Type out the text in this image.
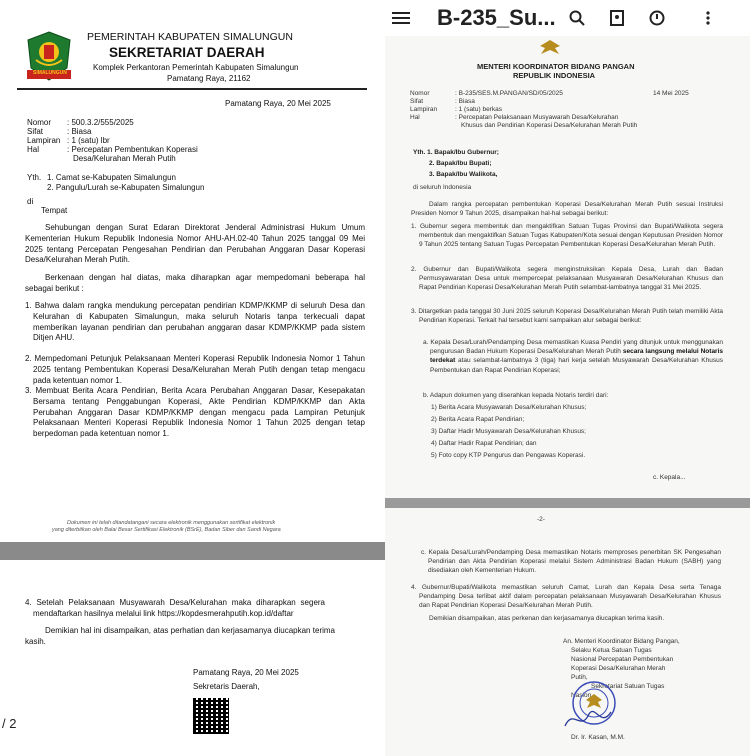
SIMALUNGUN
PEMERINTAH KABUPATEN SIMALUNGUN
SEKRETARIAT DAERAH
Komplek Perkantoran Pemerintah Kabupaten Simalungun
Pamatang Raya, 21162
Pamatang Raya, 20 Mei 2025
Nomor : 500.3.2/555/2025
Sifat	: Biasa
Lampiran : 1 (satu) lbr
Hal	: Percepatan Pembentukan Koperasi
Desa/Kelurahan Merah Putih
Yth. 1. Camat se-Kabupaten Simalungun
2. Pangulu/Lurah se-Kabupaten Simalungun
di
Tempat
Sehubungan dengan Surat Edaran Direktorat Jenderal Administrasi Hukum Umum Kementerian Hukum Republik Indonesia Nomor AHU-AH.02-40 Tahun 2025 tanggal 09 Mei 2025 tentang Percepatan Pengesahan Pendirian dan Perubahan Anggaran Dasar Koperasi Desa/Kelurahan Merah Putih.
Berkenaan dengan hal diatas, maka diharapkan agar mempedomani beberapa hal sebagai berikut :
1. Bahwa dalam rangka mendukung percepatan pendirian KDMP/KKMP di seluruh Desa dan Kelurahan di Kabupaten Simalungun, maka seluruh Notaris tanpa terkecuali dapat memberikan layanan pendirian dan perubahan anggaran dasar KDMP/KKMP pada sistem Ditjen AHU.
2. Mempedomani Petunjuk Pelaksanaan Menteri Koperasi Republik Indonesia Nomor 1 Tahun 2025 tentang Pembentukan Koperasi Desa/Kelurahan Merah Putih dengan tetap mengacu pada ketentuan nomor 1.
3. Membuat Berita Acara Pendirian, Berita Acara Perubahan Anggaran Dasar, Kesepakatan Bersama tentang Penggabungan Koperasi, Akte Pendirian KDMP/KKMP dan Akta Perubahan Anggaran Dasar KDMP/KKMP dengan mengacu pada Lampiran Petunjuk Pelaksanaan Menteri Koperasi Republik Indonesia Nomor 1 Tahun 2025 dengan tetap berpedoman pada ketentuan nomor 1.
Dokumen ini telah ditandatangani secara elektronik menggunakan sertifikat elektronik
yang diterbitkan oleh Balai Besar Sertifikasi Elektronik (BSrE), Badan Siber dan Sandi Negara
4. Setelah Pelaksanaan Musyawarah Desa/Kelurahan maka diharapkan segera mendaftarkan hasilnya melalui link https://kopdesmerahputih.kop.id/daftar
Demikian hal ini disampaikan, atas perhatian dan kerjasamanya diucapkan terima kasih.
Pamatang Raya, 20 Mei 2025
Sekretaris Daerah,
/ 2
B-235_Su...
MENTERI KOORDINATOR BIDANG PANGAN
REPUBLIK INDONESIA
Nomor	: B-235/SES.M.PANGAN/SD/05/2025	14 Mei 2025
Sifat	: Biasa
Lampiran	: 1 (satu) berkas
Hal	: Percepatan Pelaksanaan Musyawarah Desa/Kelurahan
Khusus dan Pendirian Koperasi Desa/Kelurahan Merah Putih
Yth. 1. Bapak/Ibu Gubernur;
2. Bapak/Ibu Bupati;
3. Bapak/Ibu Walikota,
di seluruh Indonesia
Dalam rangka percepatan pembentukan Koperasi Desa/Kelurahan Merah Putih sesuai Instruksi Presiden Nomor 9 Tahun 2025, disampaikan hal-hal sebagai berikut:
1. Gubernur segera membentuk dan mengaktifkan Satuan Tugas Provinsi dan Bupati/Walikota segera membentuk dan mengaktifkan Satuan Tugas Kabupaten/Kota sesuai dengan Keputusan Presiden Nomor 9 Tahun 2025 tentang Satuan Tugas Percepatan Pembentukan Koperasi Desa/Kelurahan Merah Putih.
2. Gubernur dan Bupati/Walikota segera menginstruksikan Kepala Desa, Lurah dan Badan Permusyawaratan Desa untuk mempercepat pelaksanaan Musyawarah Desa/Kelurahan Khusus dan Rapat Pendirian Koperasi Desa/Kelurahan Merah Putih selambat-lambatnya tanggal 31 Mei 2025.
3. Ditargetkan pada tanggal 30 Juni 2025 seluruh Koperasi Desa/Kelurahan Merah Putih telah memiliki Akta Pendirian Koperasi. Terkait hal tersebut kami sampaikan alur sebagai berikut:
a. Kepala Desa/Lurah/Pendamping Desa memastikan Kuasa Pendiri yang ditunjuk untuk menggunakan pengurusan Badan Hukum Koperasi Desa/Kelurahan Merah Putih secara langsung melalui Notaris terdekat atau selambat-lambatnya 3 (tiga) hari kerja setelah Musyawarah Desa/Kelurahan Khusus Pembentukan dan Rapat Pendirian Koperasi;
b. Adapun dokumen yang diserahkan kepada Notaris terdiri dari:
1) Berita Acara Musyawarah Desa/Kelurahan Khusus;
2) Berita Acara Rapat Pendirian;
3) Daftar Hadir Musyawarah Desa/Kelurahan Khusus;
4) Daftar Hadir Rapat Pendirian; dan
5) Foto copy KTP Pengurus dan Pengawas Koperasi.
c. Kepala...
-2-
c. Kepala Desa/Lurah/Pendamping Desa memastikan Notaris memproses penerbitan SK Pengesahan Pendirian dan Akta Pendirian Koperasi melalui Sistem Administrasi Badan Hukum (SABH) yang disediakan oleh Kementerian Hukum.
4. Gubernur/Bupati/Walikota memastikan seluruh Camat, Lurah dan Kepala Desa serta Tenaga Pendamping Desa terlibat aktif dalam percepatan pelaksanaan Musyawarah Desa/Kelurahan Khusus dan Rapat Pendirian Koperasi Desa/Kelurahan Merah Putih.
Demikian disampaikan, atas perkenan dan kerjasamanya diucapkan terima kasih.
An. Menteri Koordinator Bidang Pangan,
Selaku Ketua Satuan Tugas
Nasional Percepatan Pembentukan
Koperasi Desa/Kelurahan Merah
Putih,
Sekretariat Satuan Tugas
Nasion
Dr. Ir. Kasan, M.M.
